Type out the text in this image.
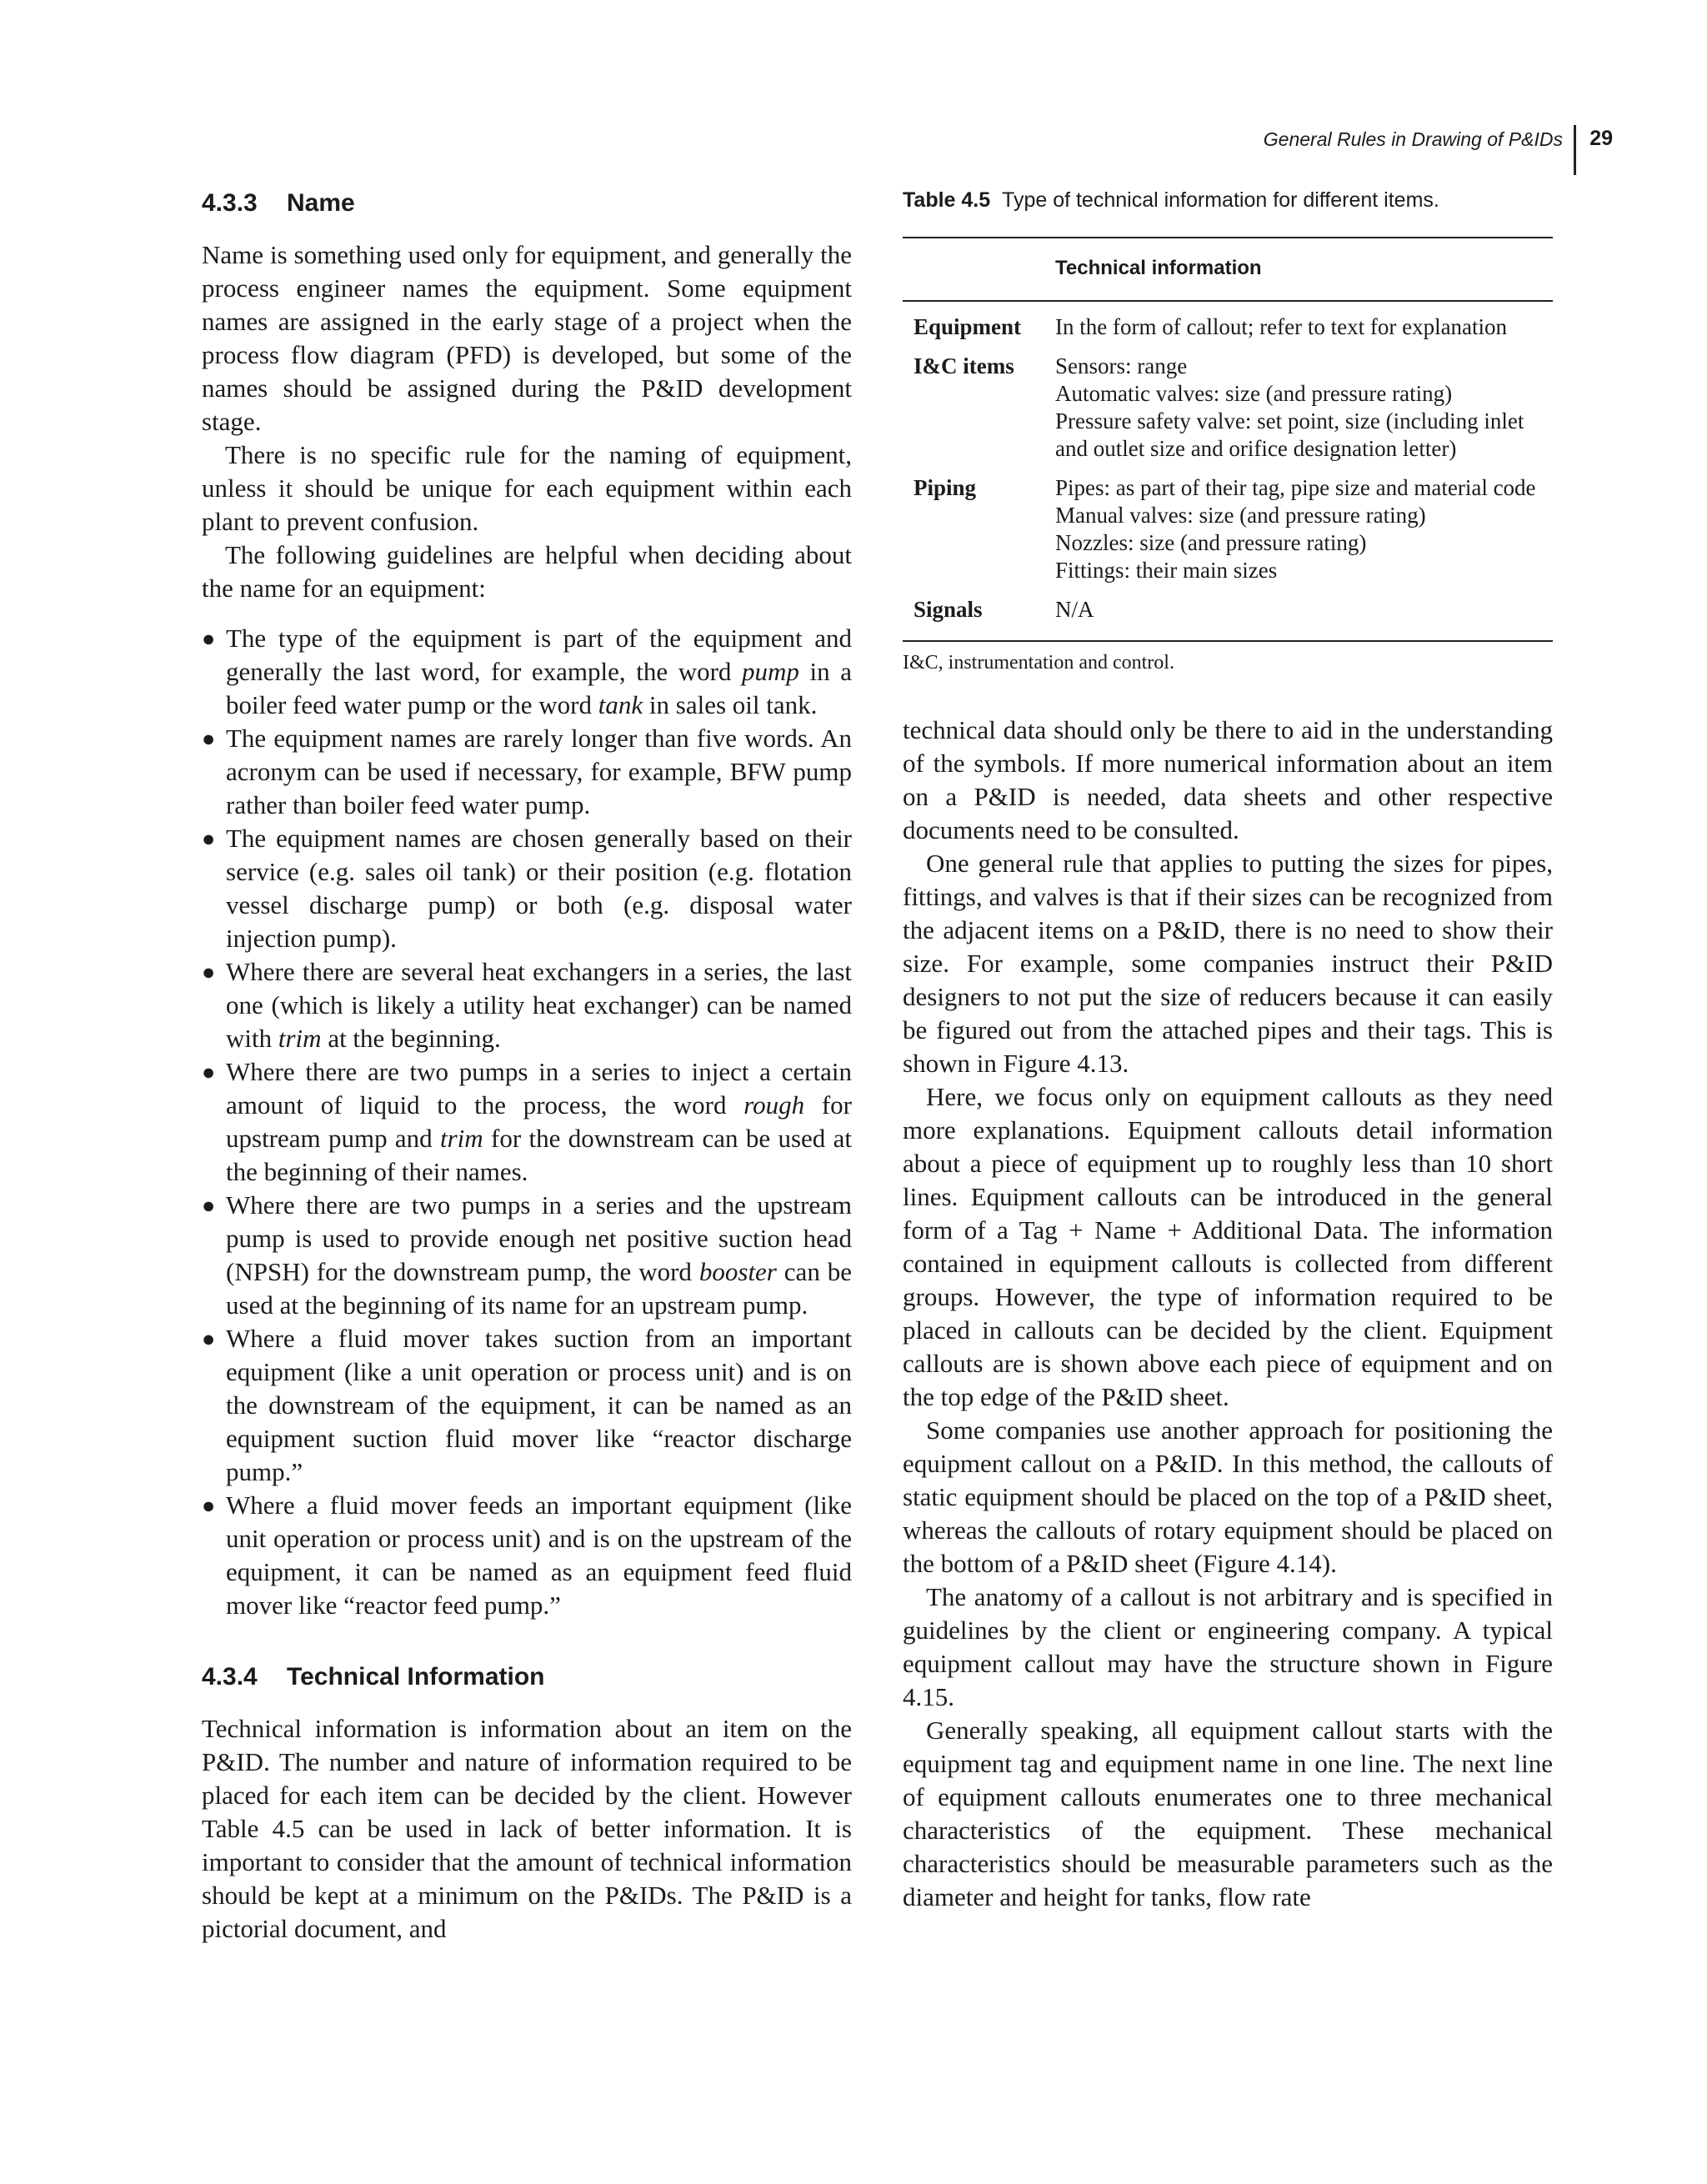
General Rules in Drawing of P&IDs 29
4.3.3 Name

Name is something used only for equipment, and generally the process engineer names the equipment. Some equipment names are assigned in the early stage of a project when the process flow diagram (PFD) is developed, but some of the names should be assigned during the P&ID development stage.

There is no specific rule for the naming of equipment, unless it should be unique for each equipment within each plant to prevent confusion.

The following guidelines are helpful when deciding about the name for an equipment:

● The type of the equipment is part of the equipment and generally the last word, for example, the word pump in a boiler feed water pump or the word tank in sales oil tank.
● The equipment names are rarely longer than five words. An acronym can be used if necessary, for example, BFW pump rather than boiler feed water pump.
● The equipment names are chosen generally based on their service (e.g. sales oil tank) or their position (e.g. flotation vessel discharge pump) or both (e.g. disposal water injection pump).
● Where there are several heat exchangers in a series, the last one (which is likely a utility heat exchanger) can be named with trim at the beginning.
● Where there are two pumps in a series to inject a certain amount of liquid to the process, the word rough for upstream pump and trim for the downstream can be used at the beginning of their names.
● Where there are two pumps in a series and the upstream pump is used to provide enough net positive suction head (NPSH) for the downstream pump, the word booster can be used at the beginning of its name for an upstream pump.
● Where a fluid mover takes suction from an important equipment (like a unit operation or process unit) and is on the downstream of the equipment, it can be named as an equipment suction fluid mover like “reactor discharge pump.”
● Where a fluid mover feeds an important equipment (like unit operation or process unit) and is on the upstream of the equipment, it can be named as an equipment feed fluid mover like “reactor feed pump.”
4.3.4 Technical Information

Technical information is information about an item on the P&ID. The number and nature of information required to be placed for each item can be decided by the client. However Table 4.5 can be used in lack of better information. It is important to consider that the amount of technical information should be kept at a minimum on the P&IDs. The P&ID is a pictorial document, and

Table 4.5 Type of technical information for different items.
Technical information
Equipment	In the form of callout; refer to text for explanation

I&C items	Sensors: range
Automatic valves: size (and pressure rating)
Pressure safety valve: set point, size (including inlet and outlet size and orifice designation letter)

Piping	Pipes: as part of their tag, pipe size and material code
Manual valves: size (and pressure rating)
Nozzles: size (and pressure rating)
Fittings: their main sizes

Signals	N/A
I&C, instrumentation and control.

technical data should only be there to aid in the understanding of the symbols. If more numerical information about an item on a P&ID is needed, data sheets and other respective documents need to be consulted.

One general rule that applies to putting the sizes for pipes, fittings, and valves is that if their sizes can be recognized from the adjacent items on a P&ID, there is no need to show their size. For example, some companies instruct their P&ID designers to not put the size of reducers because it can easily be figured out from the attached pipes and their tags. This is shown in Figure 4.13.

Here, we focus only on equipment callouts as they need more explanations. Equipment callouts detail information about a piece of equipment up to roughly less than 10 short lines. Equipment callouts can be introduced in the general form of a Tag + Name + Additional Data. The information contained in equipment callouts is collected from different groups. However, the type of information required to be placed in callouts can be decided by the client. Equipment callouts are is shown above each piece of equipment and on the top edge of the P&ID sheet.

Some companies use another approach for positioning the equipment callout on a P&ID. In this method, the callouts of static equipment should be placed on the top of a P&ID sheet, whereas the callouts of rotary equipment should be placed on the bottom of a P&ID sheet (Figure 4.14).

The anatomy of a callout is not arbitrary and is specified in guidelines by the client or engineering company. A typical equipment callout may have the structure shown in Figure 4.15.

Generally speaking, all equipment callout starts with the equipment tag and equipment name in one line. The next line of equipment callouts enumerates one to three mechanical characteristics of the equipment. These mechanical characteristics should be measurable parameters such as the diameter and height for tanks, flow rate
